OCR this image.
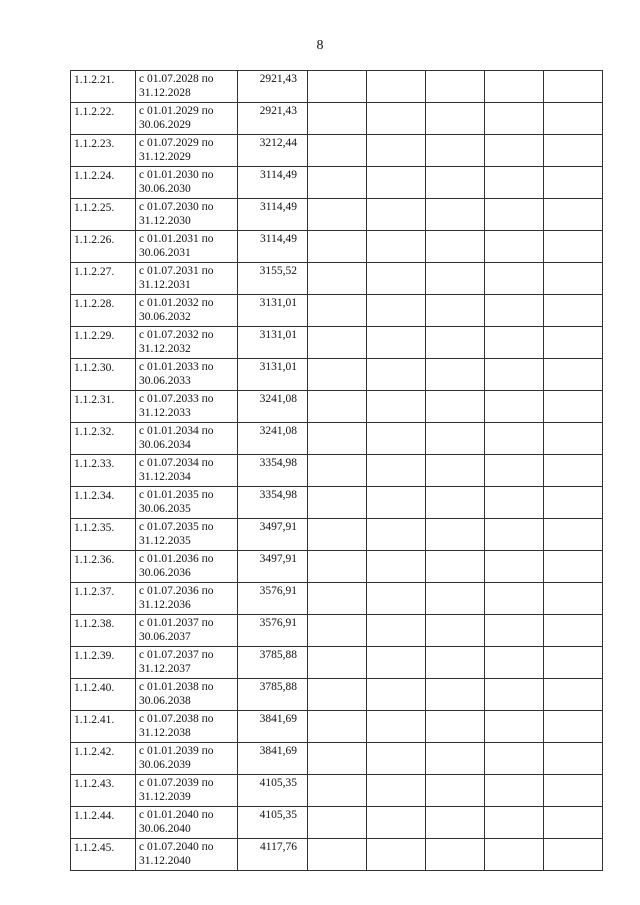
8
1.1.2.21.	с 01.07.2028 по
31.12.2028	2921,43					
1.1.2.22.	с 01.01.2029 по
30.06.2029	2921,43					
1.1.2.23.	с 01.07.2029 по
31.12.2029	3212,44					
1.1.2.24.	с 01.01.2030 по
30.06.2030	3114,49					
1.1.2.25.	с 01.07.2030 по
31.12.2030	3114,49					
1.1.2.26.	с 01.01.2031 по
30.06.2031	3114,49					
1.1.2.27.	с 01.07.2031 по
31.12.2031	3155,52					
1.1.2.28.	с 01.01.2032 по
30.06.2032	3131,01					
1.1.2.29.	с 01.07.2032 по
31.12.2032	3131,01					
1.1.2.30.	с 01.01.2033 по
30.06.2033	3131,01					
1.1.2.31.	с 01.07.2033 по
31.12.2033	3241,08					
1.1.2.32.	с 01.01.2034 по
30.06.2034	3241,08					
1.1.2.33.	с 01.07.2034 по
31.12.2034	3354,98					
1.1.2.34.	с 01.01.2035 по
30.06.2035	3354,98					
1.1.2.35.	с 01.07.2035 по
31.12.2035	3497,91					
1.1.2.36.	с 01.01.2036 по
30.06.2036	3497,91					
1.1.2.37.	с 01.07.2036 по
31.12.2036	3576,91					
1.1.2.38.	с 01.01.2037 по
30.06.2037	3576,91					
1.1.2.39.	с 01.07.2037 по
31.12.2037	3785,88					
1.1.2.40.	с 01.01.2038 по
30.06.2038	3785,88					
1.1.2.41.	с 01.07.2038 по
31.12.2038	3841,69					
1.1.2.42.	с 01.01.2039 по
30.06.2039	3841,69					
1.1.2.43.	с 01.07.2039 по
31.12.2039	4105,35					
1.1.2.44.	с 01.01.2040 по
30.06.2040	4105,35					
1.1.2.45.	с 01.07.2040 по
31.12.2040	4117,76					
